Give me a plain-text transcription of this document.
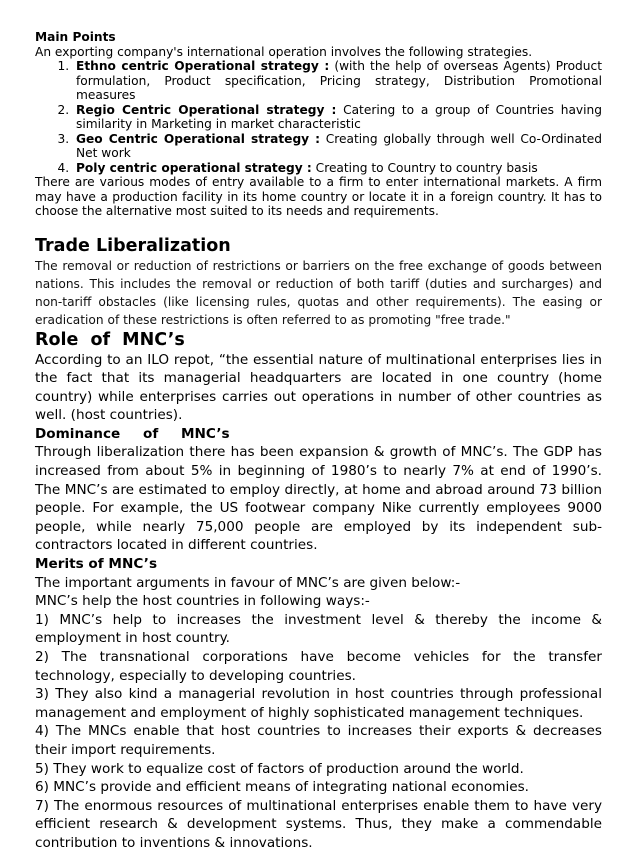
Main Points

An exporting company's international operation involves the following strategies.

1. Ethno centric Operational strategy : (with the help of overseas Agents) Product formulation, Product specification, Pricing strategy, Distribution Promotional measures
2. Regio Centric Operational strategy : Catering to a group of Countries having similarity in Marketing in market characteristic
3. Geo Centric Operational strategy : Creating globally through well Co-Ordinated Net work
4. Poly centric operational strategy : Creating to Country to country basis

There are various modes of entry available to a firm to enter international markets. A firm may have a production facility in its home country or locate it in a foreign country. It has to choose the alternative most suited to its needs and requirements.

Trade Liberalization

The removal or reduction of restrictions or barriers on the free exchange of goods between nations. This includes the removal or reduction of both tariff (duties and surcharges) and non-tariff obstacles (like licensing rules, quotas and other requirements). The easing or eradication of these restrictions is often referred to as promoting "free trade."

Role of MNC’s

According to an ILO repot, “the essential nature of multinational enterprises lies in the fact that its managerial headquarters are located in one country (home country) while enterprises carries out operations in number of other countries as well. (host countries).

Dominance of MNC’s

Through liberalization there has been expansion & growth of MNC’s. The GDP has increased from about 5% in beginning of 1980’s to nearly 7% at end of 1990’s. The MNC’s are estimated to employ directly, at home and abroad around 73 billion people. For example, the US footwear company Nike currently employees 9000 people, while nearly 75,000 people are employed by its independent sub-contractors located in different countries.

Merits of MNC’s

The important arguments in favour of MNC’s are given below:-

MNC’s help the host countries in following ways:-

1) MNC’s help to increases the investment level & thereby the income & employment in host country.

2) The transnational corporations have become vehicles for the transfer technology, especially to developing countries.

3) They also kind a managerial revolution in host countries through professional management and employment of highly sophisticated management techniques.

4) The MNCs enable that host countries to increases their exports & decreases their import requirements.

5) They work to equalize cost of factors of production around the world.

6) MNC’s provide and efficient means of integrating national economies.

7) The enormous resources of multinational enterprises enable them to have very efficient research & development systems. Thus, they make a commendable contribution to inventions & innovations.
